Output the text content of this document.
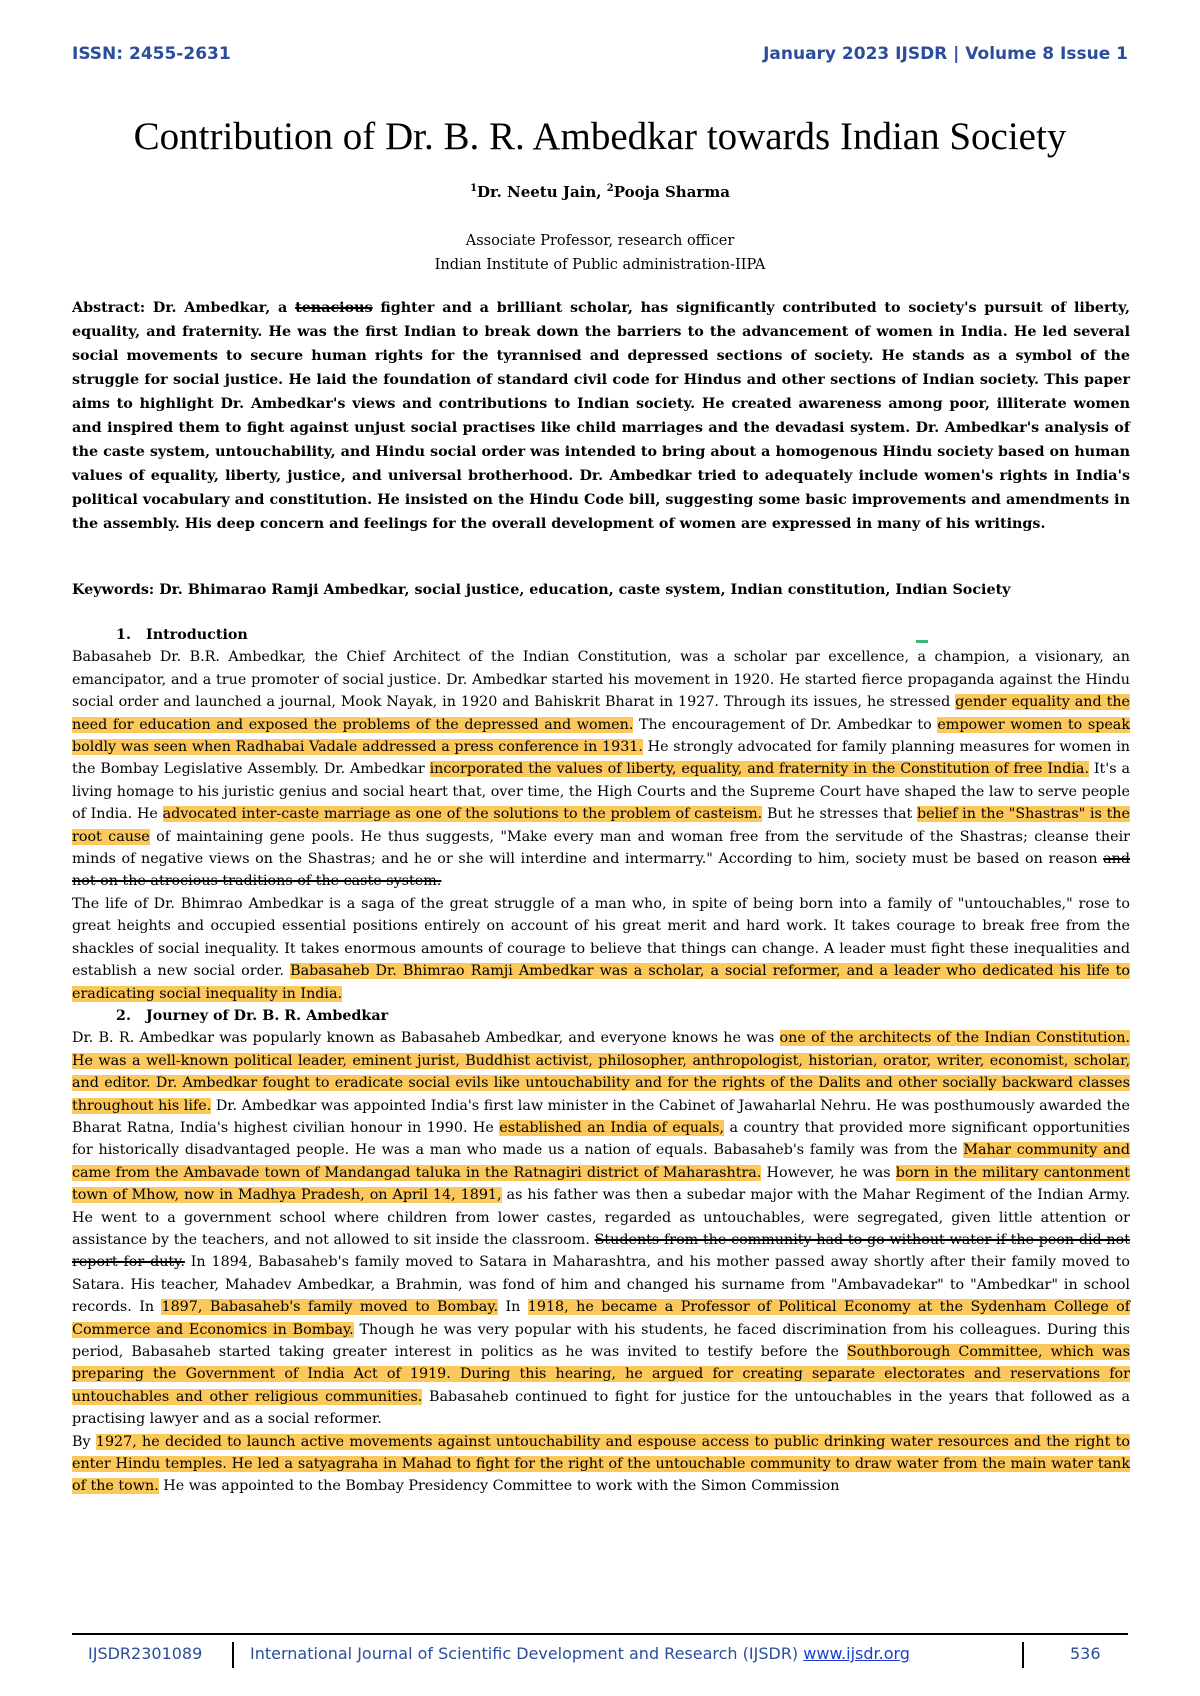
ISSN: 2455-2631	January 2023 IJSDR | Volume 8 Issue 1
Contribution of Dr. B. R. Ambedkar towards Indian Society
$^1$Dr. Neetu Jain, $^2$Pooja Sharma
Associate Professor, research officer
Indian Institute of Public administration-IIPA
Abstract: Dr. Ambedkar, a tenacious fighter and a brilliant scholar, has significantly contributed to society's pursuit of liberty, equality, and fraternity. He was the first Indian to break down the barriers to the advancement of women in India. He led several social movements to secure human rights for the tyrannised and depressed sections of society. He stands as a symbol of the struggle for social justice. He laid the foundation of standard civil code for Hindus and other sections of Indian society. This paper aims to highlight Dr. Ambedkar's views and contributions to Indian society. He created awareness among poor, illiterate women and inspired them to fight against unjust social practises like child marriages and the devadasi system. Dr. Ambedkar's analysis of the caste system, untouchability, and Hindu social order was intended to bring about a homogenous Hindu society based on human values of equality, liberty, justice, and universal brotherhood. Dr. Ambedkar tried to adequately include women's rights in India's political vocabulary and constitution. He insisted on the Hindu Code bill, suggesting some basic improvements and amendments in the assembly. His deep concern and feelings for the overall development of women are expressed in many of his writings.
Keywords: Dr. Bhimarao Ramji Ambedkar, social justice, education, caste system, Indian constitution, Indian Society

1. Introduction

Babasaheb Dr. B.R. Ambedkar, the Chief Architect of the Indian Constitution, was a scholar par excellence, a champion, a visionary, an emancipator, and a true promoter of social justice. Dr. Ambedkar started his movement in 1920. He started fierce propaganda against the Hindu social order and launched a journal, Mook Nayak, in 1920 and Bahiskrit Bharat in 1927. Through its issues, he stressed gender equality and the need for education and exposed the problems of the depressed and women. The encouragement of Dr. Ambedkar to empower women to speak boldly was seen when Radhabai Vadale addressed a press conference in 1931. He strongly advocated for family planning measures for women in the Bombay Legislative Assembly. Dr. Ambedkar incorporated the values of liberty, equality, and fraternity in the Constitution of free India. It's a living homage to his juristic genius and social heart that, over time, the High Courts and the Supreme Court have shaped the law to serve people of India. He advocated inter-caste marriage as one of the solutions to the problem of casteism. But he stresses that belief in the "Shastras" is the root cause of maintaining gene pools. He thus suggests, "Make every man and woman free from the servitude of the Shastras; cleanse their minds of negative views on the Shastras; and he or she will interdine and intermarry." According to him, society must be based on reason and not on the atrocious traditions of the caste system.

The life of Dr. Bhimrao Ambedkar is a saga of the great struggle of a man who, in spite of being born into a family of "untouchables," rose to great heights and occupied essential positions entirely on account of his great merit and hard work. It takes courage to break free from the shackles of social inequality. It takes enormous amounts of courage to believe that things can change. A leader must fight these inequalities and establish a new social order. Babasaheb Dr. Bhimrao Ramji Ambedkar was a scholar, a social reformer, and a leader who dedicated his life to eradicating social inequality in India.

2. Journey of Dr. B. R. Ambedkar

Dr. B. R. Ambedkar was popularly known as Babasaheb Ambedkar, and everyone knows he was one of the architects of the Indian Constitution. He was a well-known political leader, eminent jurist, Buddhist activist, philosopher, anthropologist, historian, orator, writer, economist, scholar, and editor. Dr. Ambedkar fought to eradicate social evils like untouchability and for the rights of the Dalits and other socially backward classes throughout his life. Dr. Ambedkar was appointed India's first law minister in the Cabinet of Jawaharlal Nehru. He was posthumously awarded the Bharat Ratna, India's highest civilian honour in 1990. He established an India of equals, a country that provided more significant opportunities for historically disadvantaged people. He was a man who made us a nation of equals. Babasaheb's family was from the Mahar community and came from the Ambavade town of Mandangad taluka in the Ratnagiri district of Maharashtra. However, he was born in the military cantonment town of Mhow, now in Madhya Pradesh, on April 14, 1891, as his father was then a subedar major with the Mahar Regiment of the Indian Army. He went to a government school where children from lower castes, regarded as untouchables, were segregated, given little attention or assistance by the teachers, and not allowed to sit inside the classroom. Students from the community had to go without water if the peon did not report for duty. In 1894, Babasaheb's family moved to Satara in Maharashtra, and his mother passed away shortly after their family moved to Satara. His teacher, Mahadev Ambedkar, a Brahmin, was fond of him and changed his surname from "Ambavadekar" to "Ambedkar" in school records. In 1897, Babasaheb's family moved to Bombay. In 1918, he became a Professor of Political Economy at the Sydenham College of Commerce and Economics in Bombay. Though he was very popular with his students, he faced discrimination from his colleagues. During this period, Babasaheb started taking greater interest in politics as he was invited to testify before the Southborough Committee, which was preparing the Government of India Act of 1919. During this hearing, he argued for creating separate electorates and reservations for untouchables and other religious communities. Babasaheb continued to fight for justice for the untouchables in the years that followed as a practising lawyer and as a social reformer.

By 1927, he decided to launch active movements against untouchability and espouse access to public drinking water resources and the right to enter Hindu temples. He led a satyagraha in Mahad to fight for the right of the untouchable community to draw water from the main water tank of the town. He was appointed to the Bombay Presidency Committee to work with the Simon Commission

IJSDR2301089	International Journal of Scientific Development and Research (IJSDR) www.ijsdr.org	536
